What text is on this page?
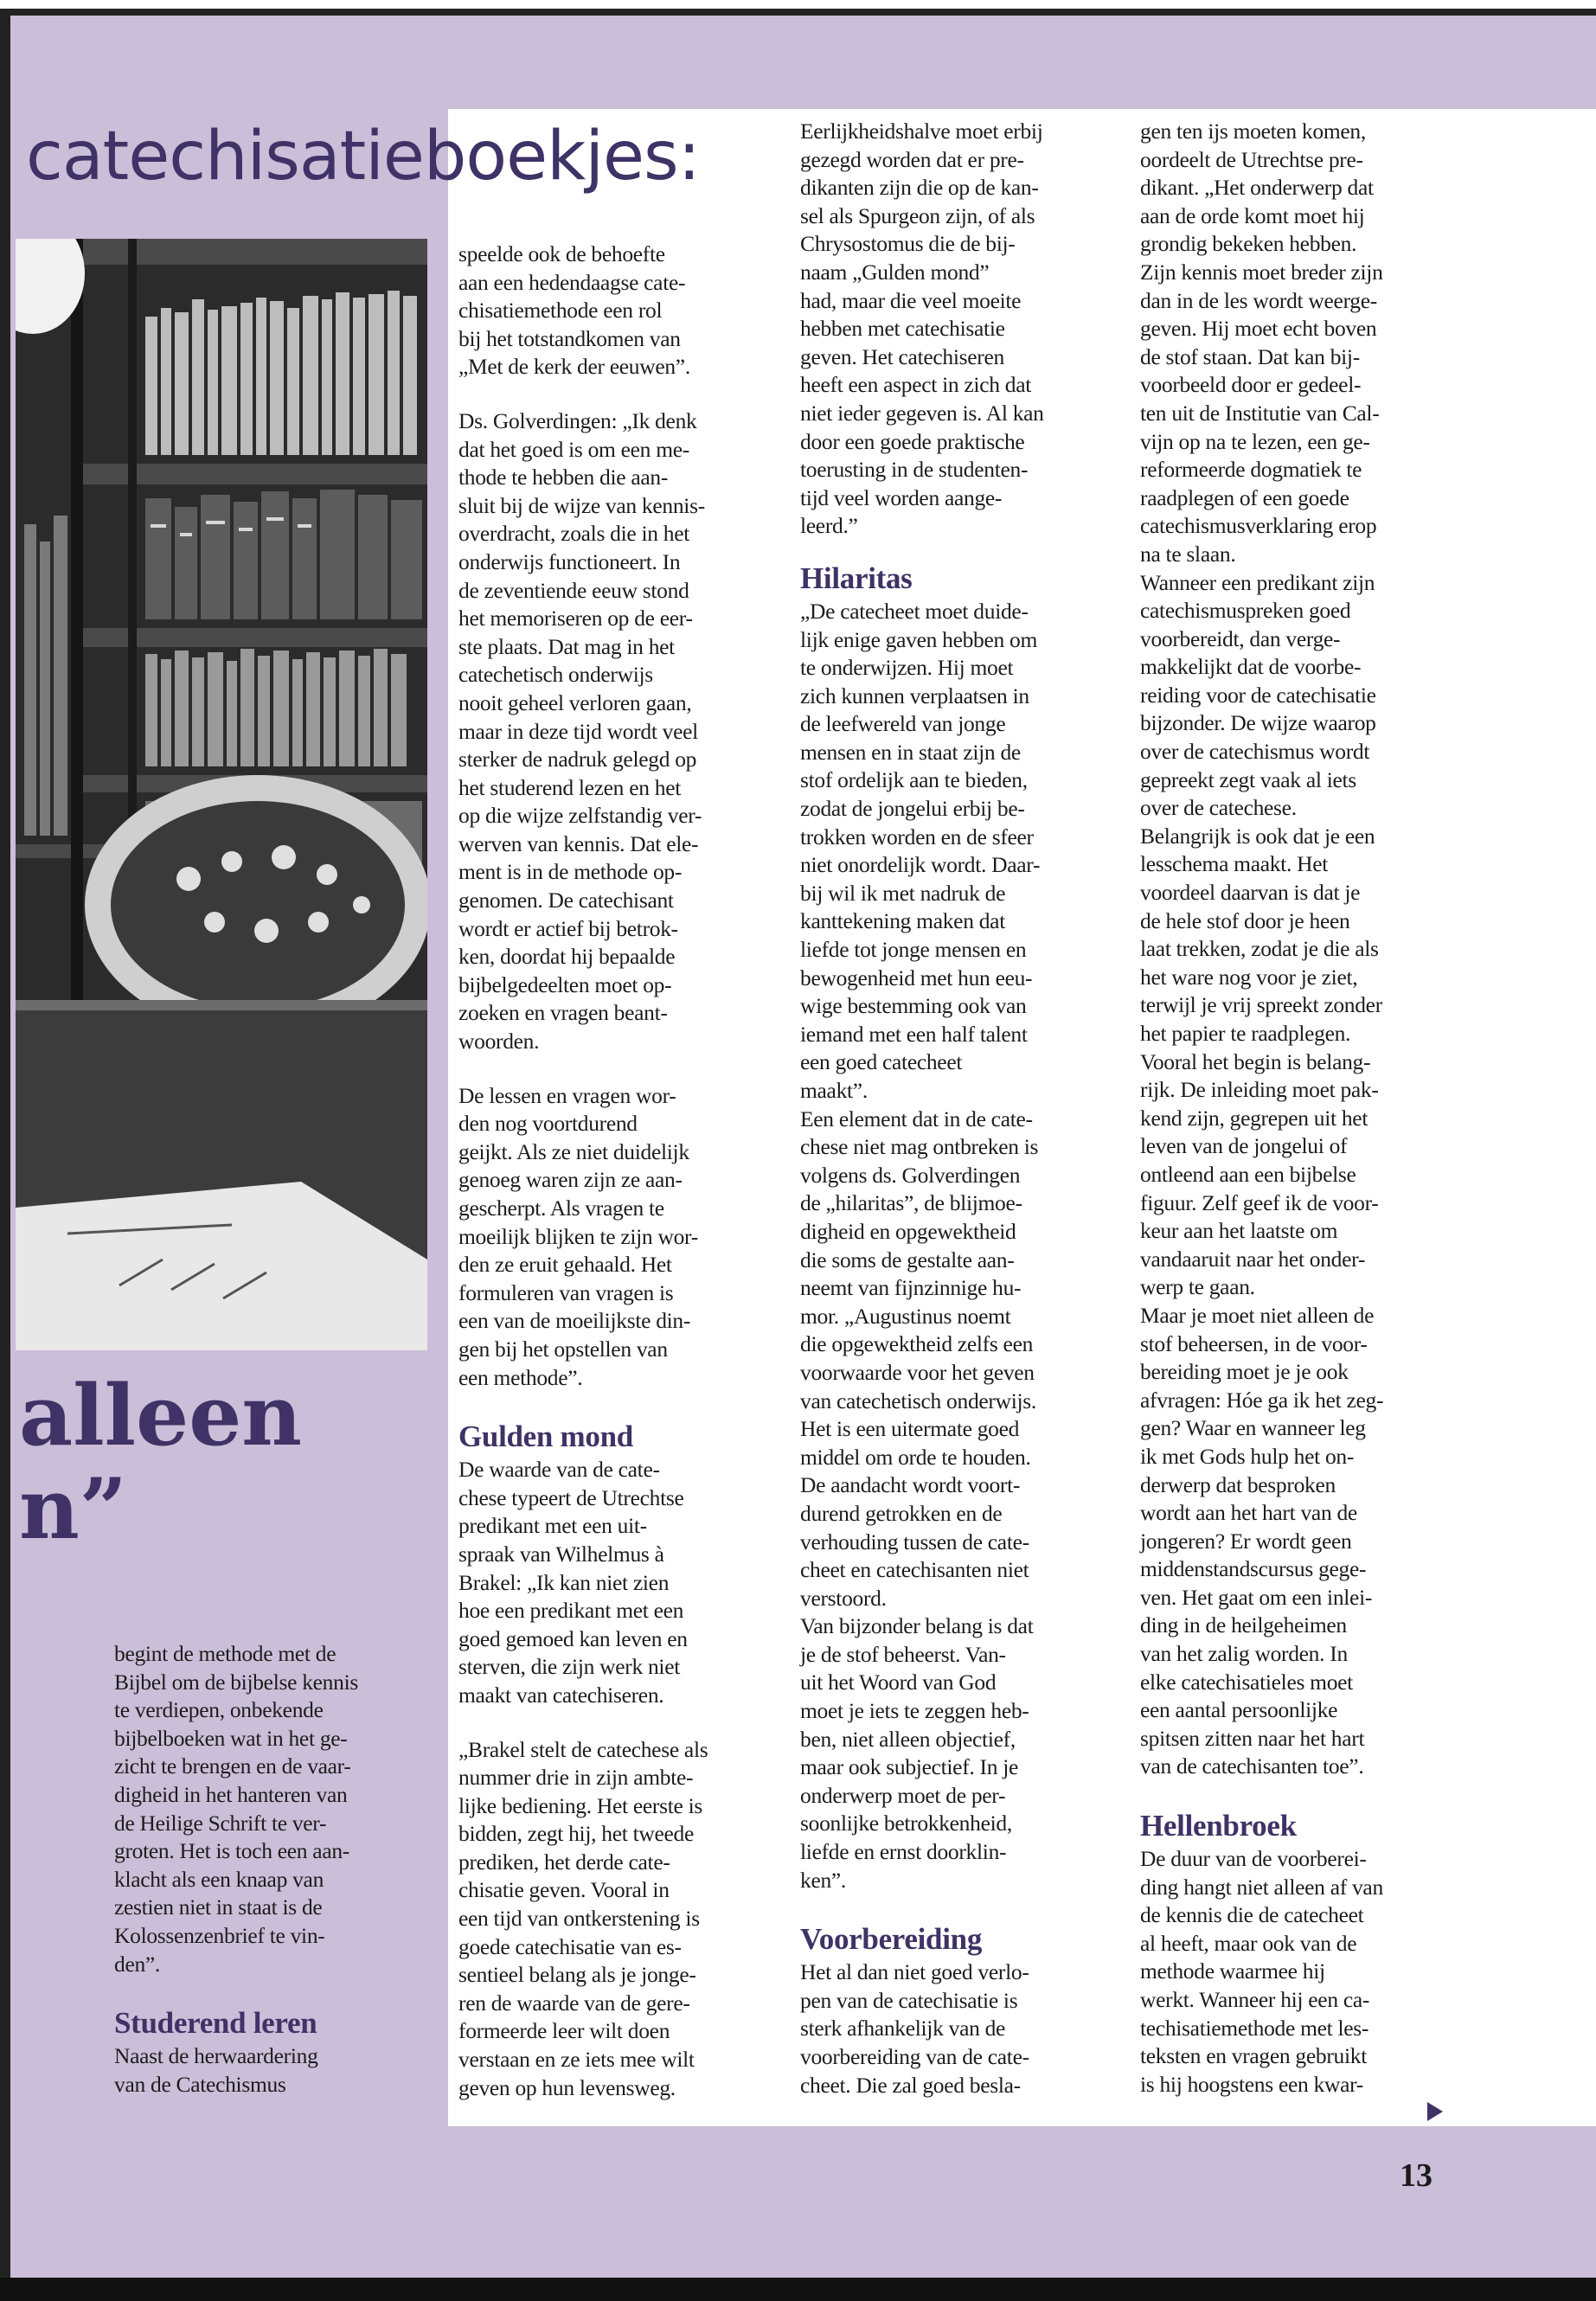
catechisatieboekjes:
alleen
n”

begint de methode met de
Bijbel om de bijbelse kennis
te verdiepen, onbekende
bijbelboeken wat in het ge-
zicht te brengen en de vaar-
digheid in het hanteren van
de Heilige Schrift te ver-
groten. Het is toch een aan-
klacht als een knaap van
zestien niet in staat is de
Kolossenzenbrief te vin-
den”.

Studerend leren

Naast de herwaardering
van de Catechismus

speelde ook de behoefte
aan een hedendaagse cate-
chisatiemethode een rol
bij het totstandkomen van
„Met de kerk der eeuwen”.

Ds. Golverdingen: „Ik denk
dat het goed is om een me-
thode te hebben die aan-
sluit bij de wijze van kennis-
overdracht, zoals die in het
onderwijs functioneert. In
de zeventiende eeuw stond
het memoriseren op de eer-
ste plaats. Dat mag in het
catechetisch onderwijs
nooit geheel verloren gaan,
maar in deze tijd wordt veel
sterker de nadruk gelegd op
het studerend lezen en het
op die wijze zelfstandig ver-
werven van kennis. Dat ele-
ment is in de methode op-
genomen. De catechisant
wordt er actief bij betrok-
ken, doordat hij bepaalde
bijbelgedeelten moet op-
zoeken en vragen beant-
woorden.

De lessen en vragen wor-
den nog voortdurend
geijkt. Als ze niet duidelijk
genoeg waren zijn ze aan-
gescherpt. Als vragen te
moeilijk blijken te zijn wor-
den ze eruit gehaald. Het
formuleren van vragen is
een van de moeilijkste din-
gen bij het opstellen van
een methode”.

Gulden mond

De waarde van de cate-
chese typeert de Utrechtse
predikant met een uit-
spraak van Wilhelmus à
Brakel: „Ik kan niet zien
hoe een predikant met een
goed gemoed kan leven en
sterven, die zijn werk niet
maakt van catechiseren.

„Brakel stelt de catechese als
nummer drie in zijn ambte-
lijke bediening. Het eerste is
bidden, zegt hij, het tweede
prediken, het derde cate-
chisatie geven. Vooral in
een tijd van ontkerstening is
goede catechisatie van es-
sentieel belang als je jonge-
ren de waarde van de gere-
formeerde leer wilt doen
verstaan en ze iets mee wilt
geven op hun levensweg.

Eerlijkheidshalve moet erbij
gezegd worden dat er pre-
dikanten zijn die op de kan-
sel als Spurgeon zijn, of als
Chrysostomus die de bij-
naam „Gulden mond”
had, maar die veel moeite
hebben met catechisatie
geven. Het catechiseren
heeft een aspect in zich dat
niet ieder gegeven is. Al kan
door een goede praktische
toerusting in de studenten-
tijd veel worden aange-
leerd.”

Hilaritas

„De catecheet moet duide-
lijk enige gaven hebben om
te onderwijzen. Hij moet
zich kunnen verplaatsen in
de leefwereld van jonge
mensen en in staat zijn de
stof ordelijk aan te bieden,
zodat de jongelui erbij be-
trokken worden en de sfeer
niet onordelijk wordt. Daar-
bij wil ik met nadruk de
kanttekening maken dat
liefde tot jonge mensen en
bewogenheid met hun eeu-
wige bestemming ook van
iemand met een half talent
een goed catecheet
maakt”.
Een element dat in de cate-
chese niet mag ontbreken is
volgens ds. Golverdingen
de „hilaritas”, de blijmoe-
digheid en opgewektheid
die soms de gestalte aan-
neemt van fijnzinnige hu-
mor. „Augustinus noemt
die opgewektheid zelfs een
voorwaarde voor het geven
van catechetisch onderwijs.
Het is een uitermate goed
middel om orde te houden.
De aandacht wordt voort-
durend getrokken en de
verhouding tussen de cate-
cheet en catechisanten niet
verstoord.
Van bijzonder belang is dat
je de stof beheerst. Van-
uit het Woord van God
moet je iets te zeggen heb-
ben, niet alleen objectief,
maar ook subjectief. In je
onderwerp moet de per-
soonlijke betrokkenheid,
liefde en ernst doorklin-
ken”.

Voorbereiding

Het al dan niet goed verlo-
pen van de catechisatie is
sterk afhankelijk van de
voorbereiding van de cate-
cheet. Die zal goed besla-

gen ten ijs moeten komen,
oordeelt de Utrechtse pre-
dikant. „Het onderwerp dat
aan de orde komt moet hij
grondig bekeken hebben.
Zijn kennis moet breder zijn
dan in de les wordt weerge-
geven. Hij moet echt boven
de stof staan. Dat kan bij-
voorbeeld door er gedeel-
ten uit de Institutie van Cal-
vijn op na te lezen, een ge-
reformeerde dogmatiek te
raadplegen of een goede
catechismusverklaring erop
na te slaan.
Wanneer een predikant zijn
catechismuspreken goed
voorbereidt, dan verge-
makkelijkt dat de voorbe-
reiding voor de catechisatie
bijzonder. De wijze waarop
over de catechismus wordt
gepreekt zegt vaak al iets
over de catechese.
Belangrijk is ook dat je een
lesschema maakt. Het
voordeel daarvan is dat je
de hele stof door je heen
laat trekken, zodat je die als
het ware nog voor je ziet,
terwijl je vrij spreekt zonder
het papier te raadplegen.
Vooral het begin is belang-
rijk. De inleiding moet pak-
kend zijn, gegrepen uit het
leven van de jongelui of
ontleend aan een bijbelse
figuur. Zelf geef ik de voor-
keur aan het laatste om
vandaaruit naar het onder-
werp te gaan.
Maar je moet niet alleen de
stof beheersen, in de voor-
bereiding moet je je ook
afvragen: Hóe ga ik het zeg-
gen? Waar en wanneer leg
ik met Gods hulp het on-
derwerp dat besproken
wordt aan het hart van de
jongeren? Er wordt geen
middenstandscursus gege-
ven. Het gaat om een inlei-
ding in de heilgeheimen
van het zalig worden. In
elke catechisatieles moet
een aantal persoonlijke
spitsen zitten naar het hart
van de catechisanten toe”.

Hellenbroek

De duur van de voorberei-
ding hangt niet alleen af van
de kennis die de catecheet
al heeft, maar ook van de
methode waarmee hij
werkt. Wanneer hij een ca-
techisatiemethode met les-
teksten en vragen gebruikt
is hij hoogstens een kwar-

13
